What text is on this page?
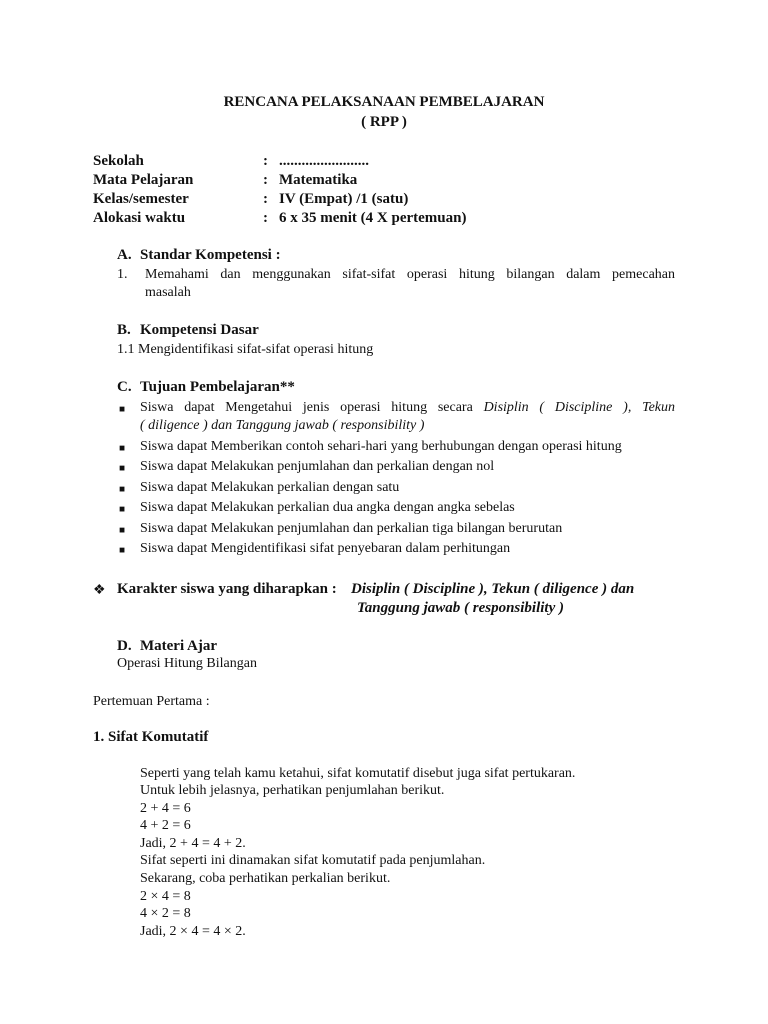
RENCANA PELAKSANAAN PEMBELAJARAN
( RPP )
Sekolah	: ........................
Mata Pelajaran	: Matematika
Kelas/semester	: IV (Empat) /1 (satu)
Alokasi waktu	: 6 x 35 menit (4 X pertemuan)
A. Standar Kompetensi :
1. Memahami dan menggunakan sifat-sifat operasi hitung bilangan dalam pemecahan
masalah
B. Kompetensi Dasar
1.1 Mengidentifikasi sifat-sifat operasi hitung
C. Tujuan Pembelajaran**
■ Siswa dapat Mengetahui jenis operasi hitung secara Disiplin ( Discipline ), Tekun
( diligence ) dan Tanggung jawab ( responsibility )
■ Siswa dapat Memberikan contoh sehari-hari yang berhubungan dengan operasi hitung
■ Siswa dapat Melakukan penjumlahan dan perkalian dengan nol
■ Siswa dapat Melakukan perkalian dengan satu
■ Siswa dapat Melakukan perkalian dua angka dengan angka sebelas
■ Siswa dapat Melakukan penjumlahan dan perkalian tiga bilangan berurutan
■ Siswa dapat Mengidentifikasi sifat penyebaran dalam perhitungan
❖ Karakter siswa yang diharapkan : Disiplin ( Discipline ), Tekun ( diligence ) dan
Tanggung jawab ( responsibility )
D. Materi Ajar
Operasi Hitung Bilangan
Pertemuan Pertama :
1. Sifat Komutatif
Seperti yang telah kamu ketahui, sifat komutatif disebut juga sifat pertukaran.
Untuk lebih jelasnya, perhatikan penjumlahan berikut.
2 + 4 = 6
4 + 2 = 6
Jadi, 2 + 4 = 4 + 2.
Sifat seperti ini dinamakan sifat komutatif pada penjumlahan.
Sekarang, coba perhatikan perkalian berikut.
2 × 4 = 8
4 × 2 = 8
Jadi, 2 × 4 = 4 × 2.
